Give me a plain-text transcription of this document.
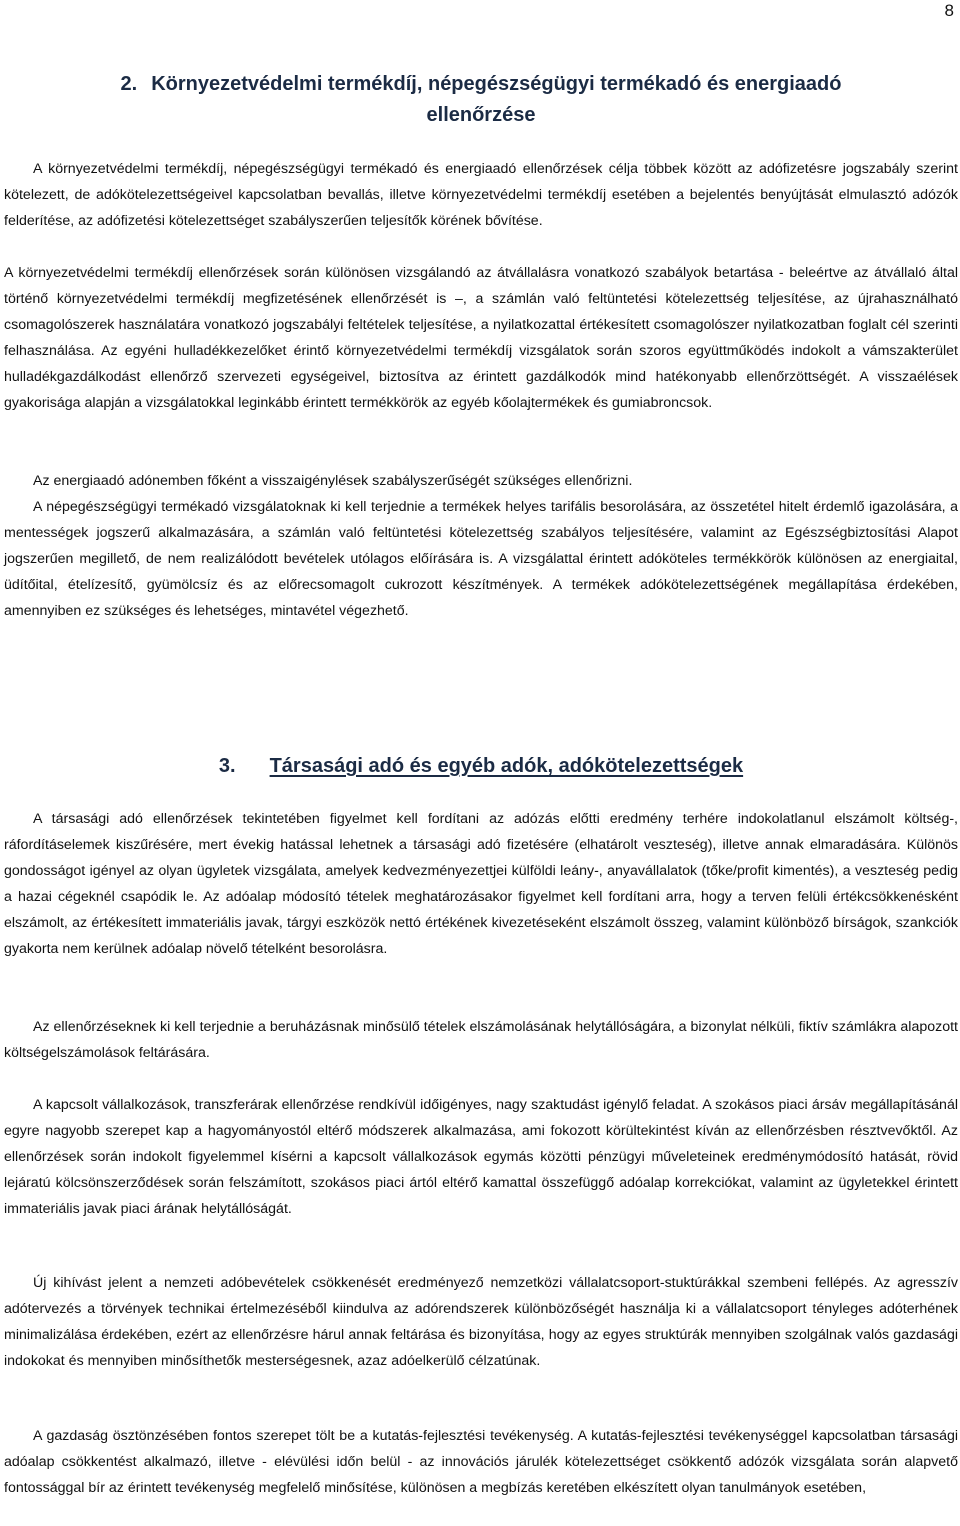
8
2. Környezetvédelmi termékdíj, népegészségügyi termékadó és energiaadó
ellenőrzése

A környezetvédelmi termékdíj, népegészségügyi termékadó és energiaadó ellenőrzések célja többek között az adófizetésre jogszabály szerint kötelezett, de adókötelezettségeivel kapcsolatban bevallás, illetve környezetvédelmi termékdíj esetében a bejelentés benyújtását elmulasztó adózók felderítése, az adófizetési kötelezettséget szabályszerűen teljesítők körének bővítése.

A környezetvédelmi termékdíj ellenőrzések során különösen vizsgálandó az átvállalásra vonatkozó szabályok betartása - beleértve az átvállaló által történő környezetvédelmi termékdíj megfizetésének ellenőrzését is –, a számlán való feltüntetési kötelezettség teljesítése, az újrahasználható csomagolószerek használatára vonatkozó jogszabályi feltételek teljesítése, a nyilatkozattal értékesített csomagolószer nyilatkozatban foglalt cél szerinti felhasználása. Az egyéni hulladékkezelőket érintő környezetvédelmi termékdíj vizsgálatok során szoros együttműködés indokolt a vámszakterület hulladékgazdálkodást ellenőrző szervezeti egységeivel, biztosítva az érintett gazdálkodók mind hatékonyabb ellenőrzöttségét. A visszaélések gyakorisága alapján a vizsgálatokkal leginkább érintett termékkörök az egyéb kőolajtermékek és gumiabroncsok.

Az energiaadó adónemben főként a visszaigénylések szabályszerűségét szükséges ellenőrizni.

A népegészségügyi termékadó vizsgálatoknak ki kell terjednie a termékek helyes tarifális besorolására, az összetétel hitelt érdemlő igazolására, a mentességek jogszerű alkalmazására, a számlán való feltüntetési kötelezettség szabályos teljesítésére, valamint az Egészségbiztosítási Alapot jogszerűen megillető, de nem realizálódott bevételek utólagos előírására is. A vizsgálattal érintett adóköteles termékkörök különösen az energiaital, üdítőital, ételízesítő, gyümölcsíz és az előrecsomagolt cukrozott készítmények. A termékek adókötelezettségének megállapítása érdekében, amennyiben ez szükséges és lehetséges, mintavétel végezhető.

3. Társasági adó és egyéb adók, adókötelezettségek

A társasági adó ellenőrzések tekintetében figyelmet kell fordítani az adózás előtti eredmény terhére indokolatlanul elszámolt költség-, ráfordításelemek kiszűrésére, mert évekig hatással lehetnek a társasági adó fizetésére (elhatárolt veszteség), illetve annak elmaradására. Különös gondosságot igényel az olyan ügyletek vizsgálata, amelyek kedvezményezettjei külföldi leány-, anyavállalatok (tőke/profit kimentés), a veszteség pedig a hazai cégeknél csapódik le. Az adóalap módosító tételek meghatározásakor figyelmet kell fordítani arra, hogy a terven felüli értékcsökkenésként elszámolt, az értékesített immateriális javak, tárgyi eszközök nettó értékének kivezetéseként elszámolt összeg, valamint különböző bírságok, szankciók gyakorta nem kerülnek adóalap növelő tételként besorolásra.

Az ellenőrzéseknek ki kell terjednie a beruházásnak minősülő tételek elszámolásának helytállóságára, a bizonylat nélküli, fiktív számlákra alapozott költségelszámolások feltárására.

A kapcsolt vállalkozások, transzferárak ellenőrzése rendkívül időigényes, nagy szaktudást igénylő feladat. A szokásos piaci ársáv megállapításánál egyre nagyobb szerepet kap a hagyományostól eltérő módszerek alkalmazása, ami fokozott körültekintést kíván az ellenőrzésben résztvevőktől. Az ellenőrzések során indokolt figyelemmel kísérni a kapcsolt vállalkozások egymás közötti pénzügyi műveleteinek eredménymódosító hatását, rövid lejáratú kölcsönszerződések során felszámított, szokásos piaci ártól eltérő kamattal összefüggő adóalap korrekciókat, valamint az ügyletekkel érintett immateriális javak piaci árának helytállóságát.

Új kihívást jelent a nemzeti adóbevételek csökkenését eredményező nemzetközi vállalatcsoport-stuktúrákkal szembeni fellépés. Az agresszív adótervezés a törvények technikai értelmezéséből kiindulva az adórendszerek különbözőségét használja ki a vállalatcsoport tényleges adóterhének minimalizálása érdekében, ezért az ellenőrzésre hárul annak feltárása és bizonyítása, hogy az egyes struktúrák mennyiben szolgálnak valós gazdasági indokokat és mennyiben minősíthetők mesterségesnek, azaz adóelkerülő célzatúnak.

A gazdaság ösztönzésében fontos szerepet tölt be a kutatás-fejlesztési tevékenység. A kutatás-fejlesztési tevékenységgel kapcsolatban társasági adóalap csökkentést alkalmazó, illetve - elévülési időn belül - az innovációs járulék kötelezettséget csökkentő adózók vizsgálata során alapvető fontossággal bír az érintett tevékenység megfelelő minősítése, különösen a megbízás keretében elkészített olyan tanulmányok esetében,
